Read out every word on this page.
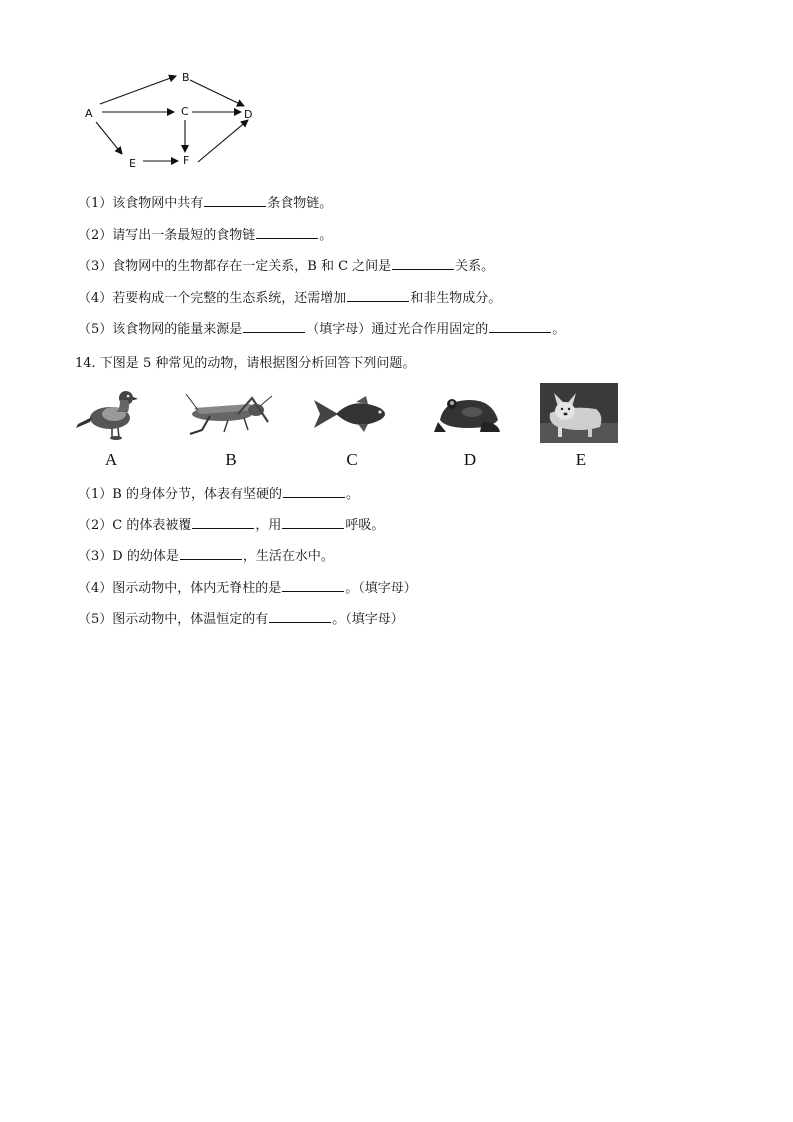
A
B
C	D
E	F
（1）该食物网中共有	条食物链。
（2）请写出一条最短的食物链	。
（3）食物网中的生物都存在一定关系，B 和 C 之间是	关系。
（4）若要构成一个完整的生态系统，还需增加	和非生物成分。
（5）该食物网的能量来源是	（填字母）通过光合作用固定的	。
14. 下图是 5 种常见的动物，请根据图分析回答下列问题。
A	B	C	D	E
（1）B 的身体分节，体表有坚硬的	。
（2）C 的体表被覆	，用	呼吸。
（3）D 的幼体是	，生活在水中。
（4）图示动物中，体内无脊柱的是	。（填字母）
（5）图示动物中，体温恒定的有	。（填字母）
